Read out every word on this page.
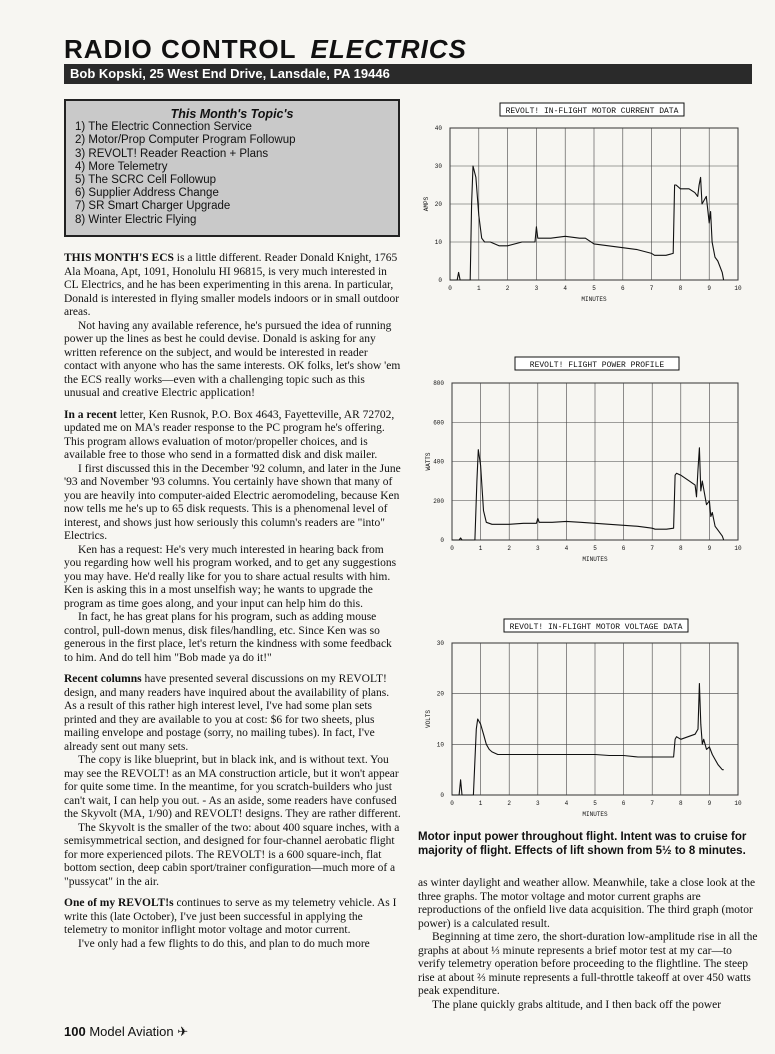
RADIO CONTROL ELECTRICS
Bob Kopski, 25 West End Drive, Lansdale, PA 19446
This Month's Topic's
1) The Electric Connection Service
2) Motor/Prop Computer Program Followup
3) REVOLT! Reader Reaction + Plans
4) More Telemetry
5) The SCRC Cell Followup
6) Supplier Address Change
7) SR Smart Charger Upgrade
8) Winter Electric Flying

THIS MONTH'S ECS is a little different. Reader Donald Knight, 1765 Ala Moana, Apt, 1091, Honolulu HI 96815, is very much interested in CL Electrics, and he has been experimenting in this arena. In particular, Donald is interested in flying smaller models indoors or in small outdoor areas.

Not having any available reference, he's pursued the idea of running power up the lines as best he could devise. Donald is asking for any written reference on the subject, and would be interested in reader contact with anyone who has the same interests. OK folks, let's show 'em the ECS really works—even with a challenging topic such as this unusual and creative Electric application!

In a recent letter, Ken Rusnok, P.O. Box 4643, Fayetteville, AR 72702, updated me on MA's reader response to the PC program he's offering. This program allows evaluation of motor/propeller choices, and is available free to those who send in a formatted disk and disk mailer.

I first discussed this in the December '92 column, and later in the June '93 and November '93 columns. You certainly have shown that many of you are heavily into computer-aided Electric aeromodeling, because Ken now tells me he's up to 65 disk requests. This is a phenomenal level of interest, and shows just how seriously this column's readers are "into" Electrics.

Ken has a request: He's very much interested in hearing back from you regarding how well his program worked, and to get any suggestions you may have. He'd really like for you to share actual results with him. Ken is asking this in a most unselfish way; he wants to upgrade the program as time goes along, and your input can help him do this.

In fact, he has great plans for his program, such as adding mouse control, pull-down menus, disk files/handling, etc. Since Ken was so generous in the first place, let's return the kindness with some feedback to him. And do tell him "Bob made ya do it!"

Recent columns have presented several discussions on my REVOLT! design, and many readers have inquired about the availability of plans. As a result of this rather high interest level, I've had some plan sets printed and they are available to you at cost: $6 for two sheets, plus mailing envelope and postage (sorry, no mailing tubes). In fact, I've already sent out many sets.

The copy is like blueprint, but in black ink, and is without text. You may see the REVOLT! as an MA construction article, but it won't appear for quite some time. In the meantime, for you scratch-builders who just can't wait, I can help you out. - As an aside, some readers have confused the Skyvolt (MA, 1/90) and REVOLT! designs. They are rather different.

The Skyvolt is the smaller of the two: about 400 square inches, with a semisymmetrical section, and designed for four-channel aerobatic flight for more experienced pilots. The REVOLT! is a 600 square-inch, flat bottom section, deep cabin sport/trainer configuration—much more of a "pussycat" in the air.

One of my REVOLT!s continues to serve as my telemetry vehicle. As I write this (late October), I've just been successful in applying the telemetry to monitor inflight motor voltage and motor current.

I've only had a few flights to do this, and plan to do much more

REVOLT! IN-FLIGHT MOTOR CURRENT DATA
0	1	2	3	4	5	6	7	8	9	10
0
10
20
30
40
MINUTES
AMPS
REVOLT! FLIGHT POWER PROFILE
0	1	2	3	4	5	6	7	8	9	10
0
200
400
600
800
MINUTES
WATTS
REVOLT! IN-FLIGHT MOTOR VOLTAGE DATA
0	1	2	3	4	5	6	7	8	9	10
0
10
20
30
MINUTES
VOLTS
Motor input power throughout flight. Intent was to cruise for majority of flight. Effects of lift shown from 5½ to 8 minutes.

as winter daylight and weather allow. Meanwhile, take a close look at the three graphs. The motor voltage and motor current graphs are reproductions of the onfield live data acquisition. The third graph (motor power) is a calculated result.

Beginning at time zero, the short-duration low-amplitude rise in all the graphs at about ⅓ minute represents a brief motor test at my car—to verify telemetry operation before proceeding to the flightline. The steep rise at about ⅔ minute represents a full-throttle takeoff at over 450 watts peak expenditure.

The plane quickly grabs altitude, and I then back off the power

100 Model Aviation ✈
